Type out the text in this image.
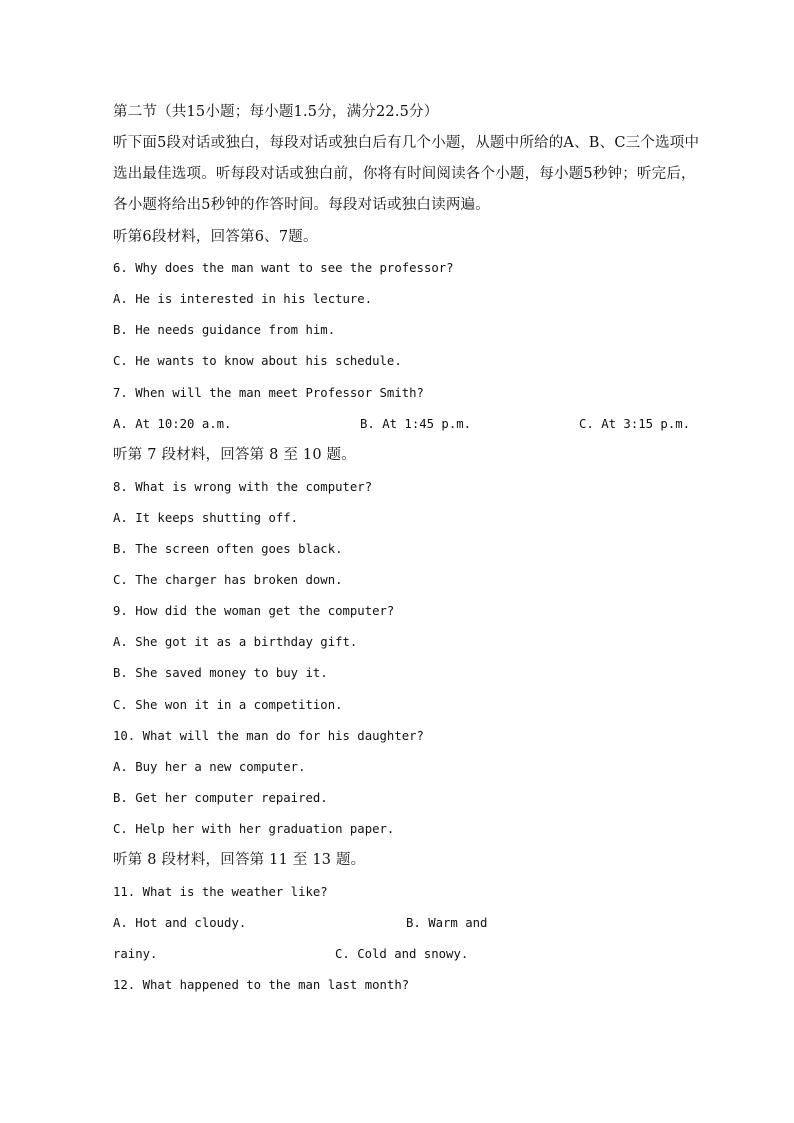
第二节（共15小题；每小题1.5分，满分22.5分）
听下面5段对话或独白，每段对话或独白后有几个小题，从题中所给的A、B、C三个选项中
选出最佳选项。听每段对话或独白前，你将有时间阅读各个小题，每小题5秒钟；听完后，
各小题将给出5秒钟的作答时间。每段对话或独白读两遍。
听第6段材料，回答第6、7题。
6. Why does the man want to see the professor?
A. He is interested in his lecture.
B. He needs guidance from him.
C. He wants to know about his schedule.
7. When will the man meet Professor Smith?
A. At 10:20 a.m.	B. At 1:45 p.m.	C. At 3:15 p.m.
听第 7 段材料，回答第 8 至 10 题。
8. What is wrong with the computer?
A. It keeps shutting off.
B. The screen often goes black.
C. The charger has broken down.
9. How did the woman get the computer?
A. She got it as a birthday gift.
B. She saved money to buy it.
C. She won it in a competition.
10. What will the man do for his daughter?
A. Buy her a new computer.
B. Get her computer repaired.
C. Help her with her graduation paper.
听第 8 段材料，回答第 11 至 13 题。
11. What is the weather like?
A. Hot and cloudy.	B. Warm and
rainy.	C. Cold and snowy.
12. What happened to the man last month?
